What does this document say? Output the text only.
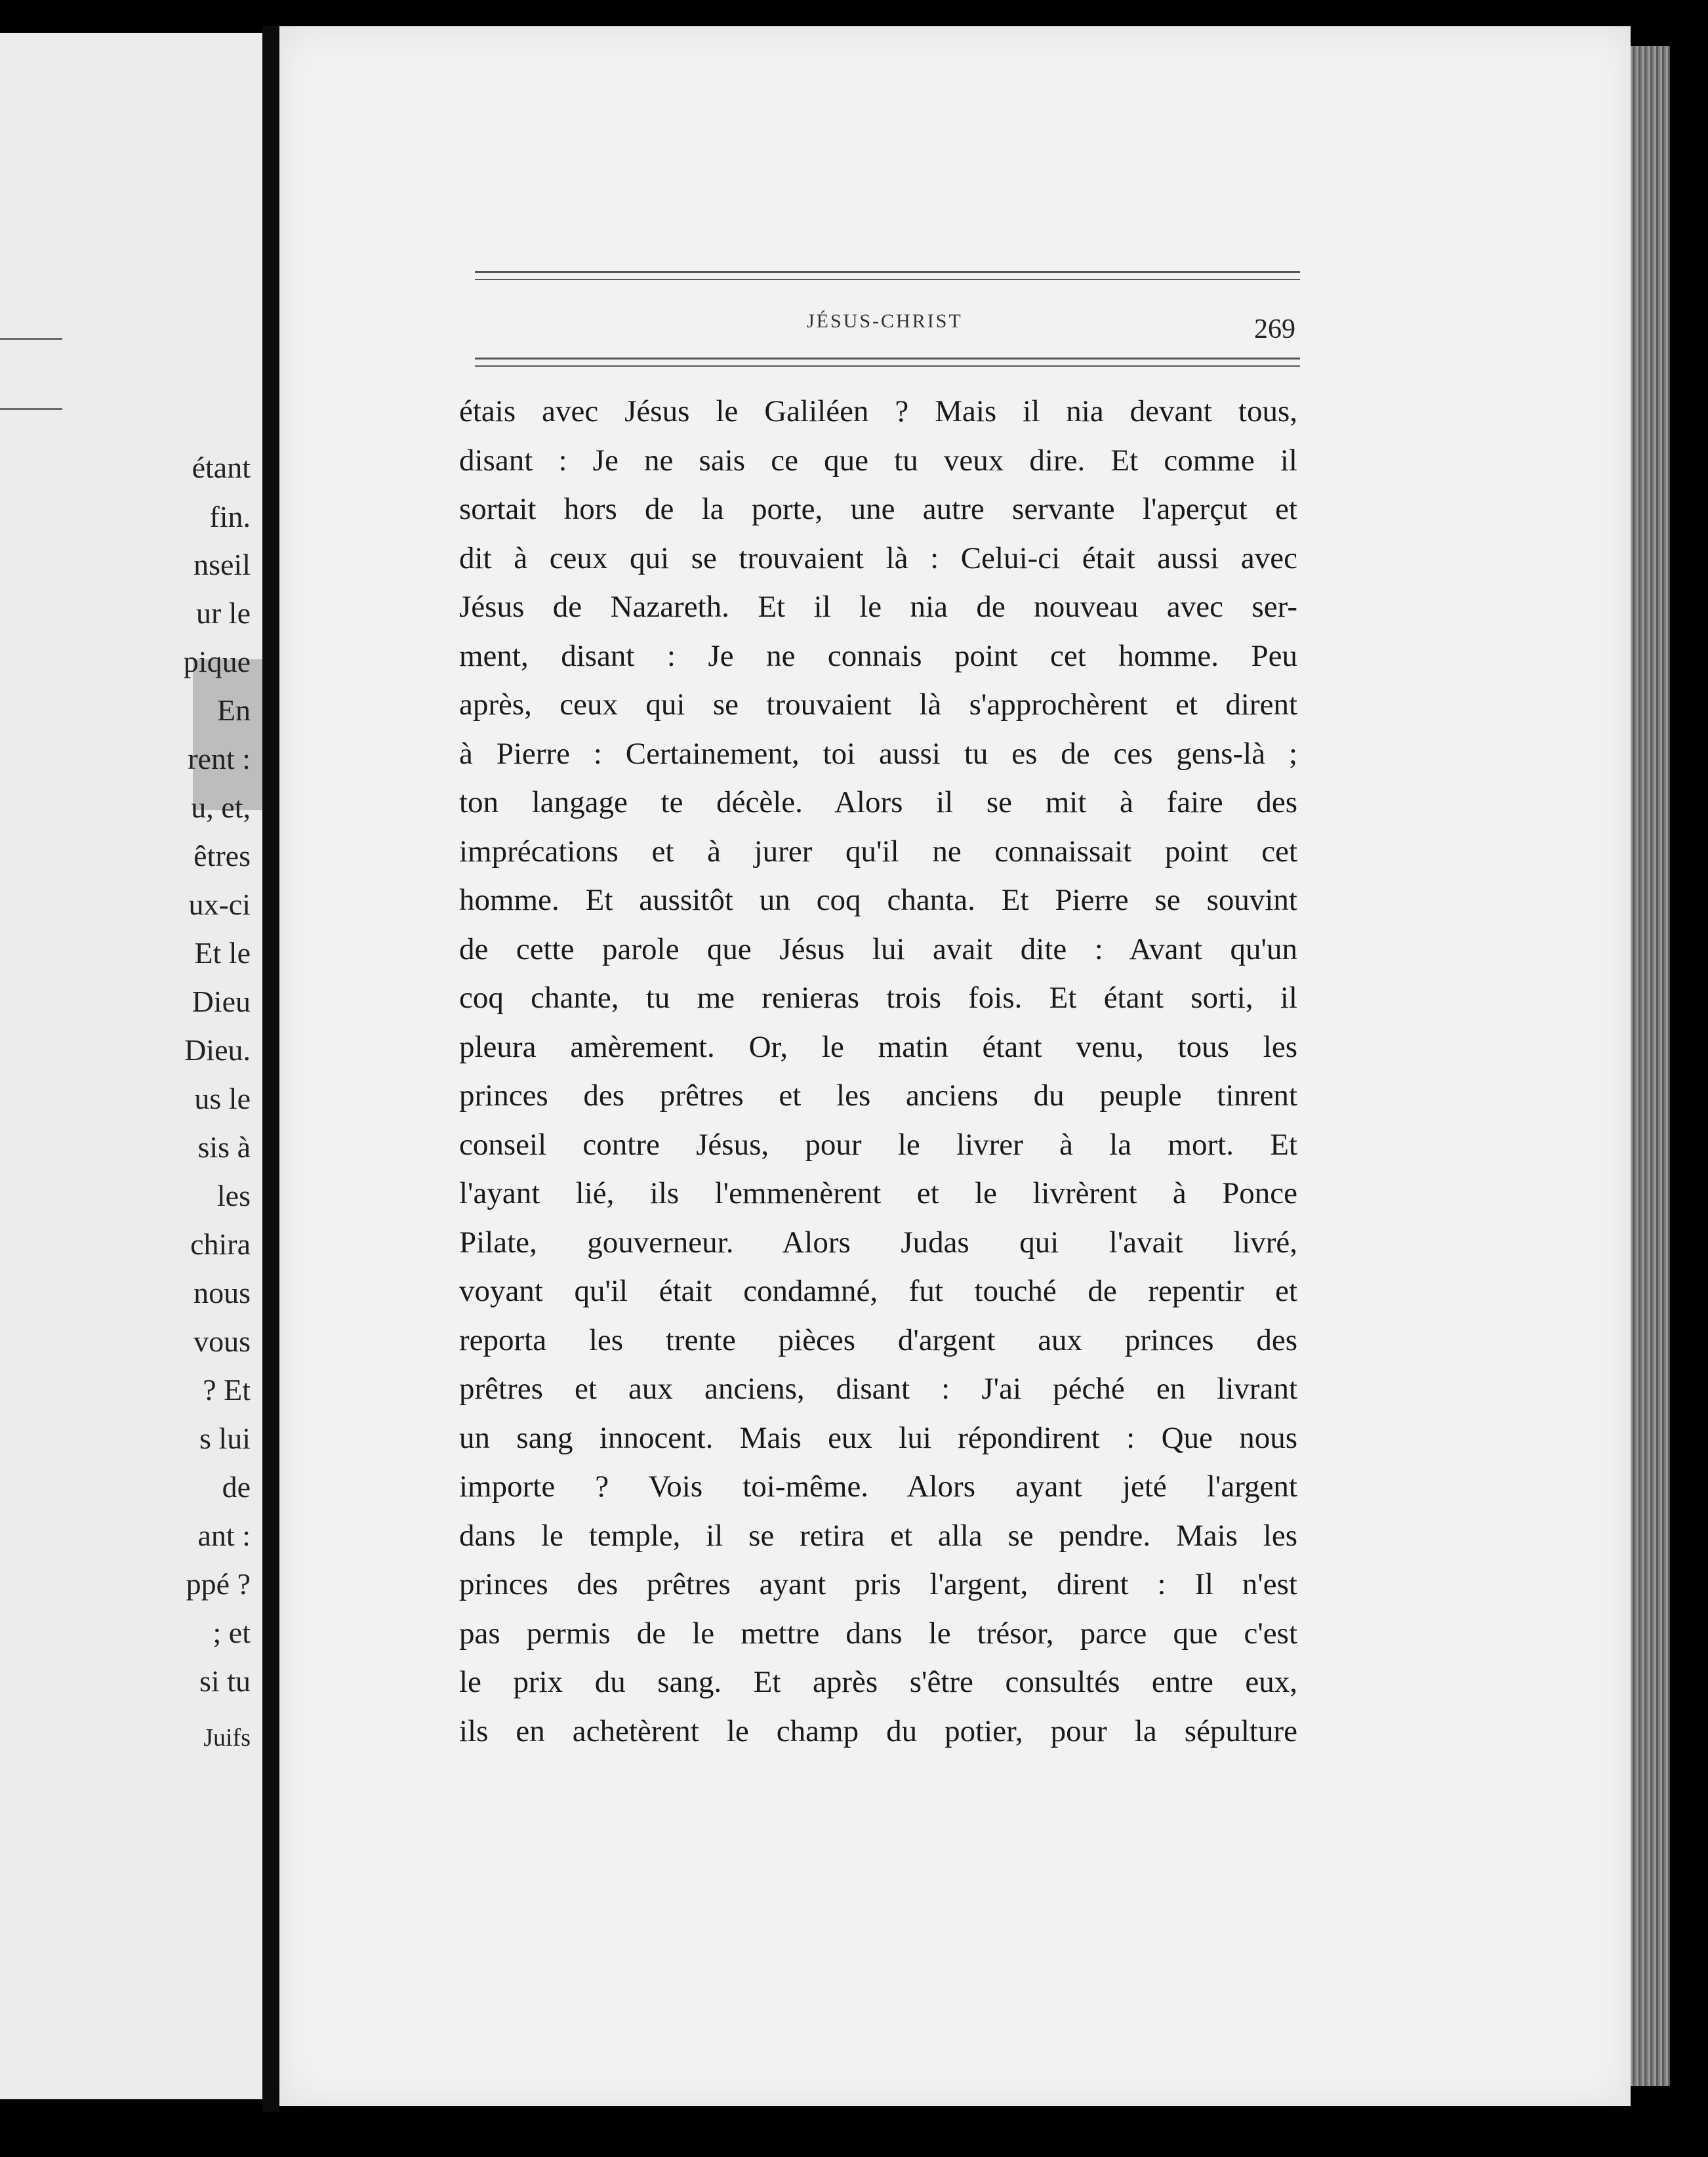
étant
fin.
nseil
ur le
pique
En
rent :
u, et,
êtres
ux-ci
Et le
Dieu
Dieu.
us le
sis à
les
chira
nous
vous
? Et
s lui
de
ant :
ppé ?
; et
si tu
Juifs
JÉSUS-CHRIST	269
étais avec Jésus le Galiléen ? Mais il nia devant tous,
disant : Je ne sais ce que tu veux dire. Et comme il
sortait hors de la porte, une autre servante l'aperçut et
dit à ceux qui se trouvaient là : Celui-ci était aussi avec
Jésus de Nazareth. Et il le nia de nouveau avec ser-
ment, disant : Je ne connais point cet homme. Peu
après, ceux qui se trouvaient là s'approchèrent et dirent
à Pierre : Certainement, toi aussi tu es de ces gens-là ;
ton langage te décèle. Alors il se mit à faire des
imprécations et à jurer qu'il ne connaissait point cet
homme. Et aussitôt un coq chanta. Et Pierre se souvint
de cette parole que Jésus lui avait dite : Avant qu'un
coq chante, tu me renieras trois fois. Et étant sorti, il
pleura amèrement. Or, le matin étant venu, tous les
princes des prêtres et les anciens du peuple tinrent
conseil contre Jésus, pour le livrer à la mort. Et
l'ayant lié, ils l'emmenèrent et le livrèrent à Ponce
Pilate, gouverneur. Alors Judas qui l'avait livré,
voyant qu'il était condamné, fut touché de repentir et
reporta les trente pièces d'argent aux princes des
prêtres et aux anciens, disant : J'ai péché en livrant
un sang innocent. Mais eux lui répondirent : Que nous
importe ? Vois toi-même. Alors ayant jeté l'argent
dans le temple, il se retira et alla se pendre. Mais les
princes des prêtres ayant pris l'argent, dirent : Il n'est
pas permis de le mettre dans le trésor, parce que c'est
le prix du sang. Et après s'être consultés entre eux,
ils en achetèrent le champ du potier, pour la sépulture
